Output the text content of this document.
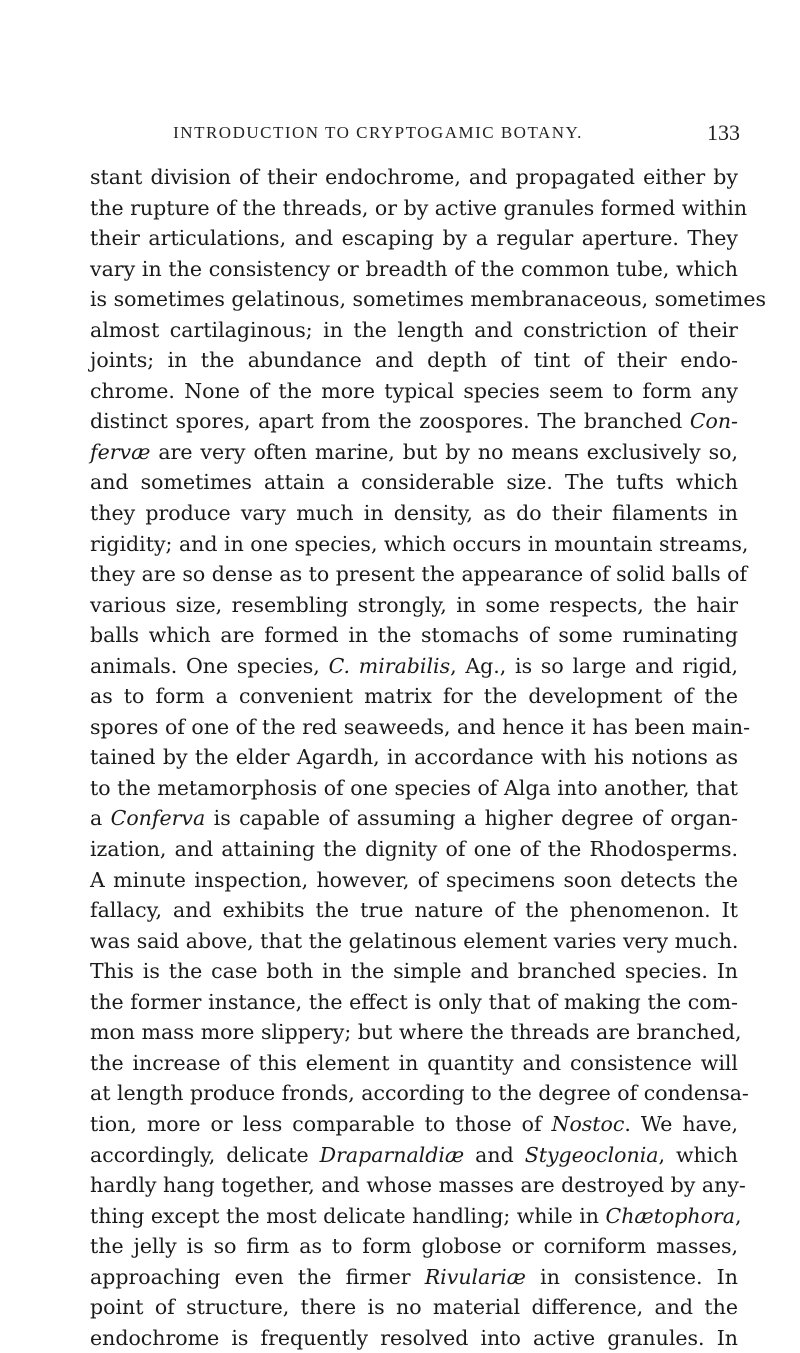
INTRODUCTION TO CRYPTOGAMIC BOTANY.	133
stant division of their endochrome, and propagated either by
the rupture of the threads, or by active granules formed within
their articulations, and escaping by a regular aperture. They
vary in the consistency or breadth of the common tube, which
is sometimes gelatinous, sometimes membranaceous, sometimes
almost cartilaginous; in the length and constriction of their
joints; in the abundance and depth of tint of their endo-
chrome. None of the more typical species seem to form any
distinct spores, apart from the zoospores. The branched Con-
fervæ are very often marine, but by no means exclusively so,
and sometimes attain a considerable size. The tufts which
they produce vary much in density, as do their filaments in
rigidity; and in one species, which occurs in mountain streams,
they are so dense as to present the appearance of solid balls of
various size, resembling strongly, in some respects, the hair
balls which are formed in the stomachs of some ruminating
animals. One species, C. mirabilis, Ag., is so large and rigid,
as to form a convenient matrix for the development of the
spores of one of the red seaweeds, and hence it has been main-
tained by the elder Agardh, in accordance with his notions as
to the metamorphosis of one species of Alga into another, that
a Conferva is capable of assuming a higher degree of organ-
ization, and attaining the dignity of one of the Rhodosperms.
A minute inspection, however, of specimens soon detects the
fallacy, and exhibits the true nature of the phenomenon. It
was said above, that the gelatinous element varies very much.
This is the case both in the simple and branched species. In
the former instance, the effect is only that of making the com-
mon mass more slippery; but where the threads are branched,
the increase of this element in quantity and consistence will
at length produce fronds, according to the degree of condensa-
tion, more or less comparable to those of Nostoc. We have,
accordingly, delicate Draparnaldiæ and Stygeoclonia, which
hardly hang together, and whose masses are destroyed by any-
thing except the most delicate handling; while in Chætophora,
the jelly is so firm as to form globose or corniform masses,
approaching even the firmer Rivulariæ in consistence. In
point of structure, there is no material difference, and the
endochrome is frequently resolved into active granules. In
